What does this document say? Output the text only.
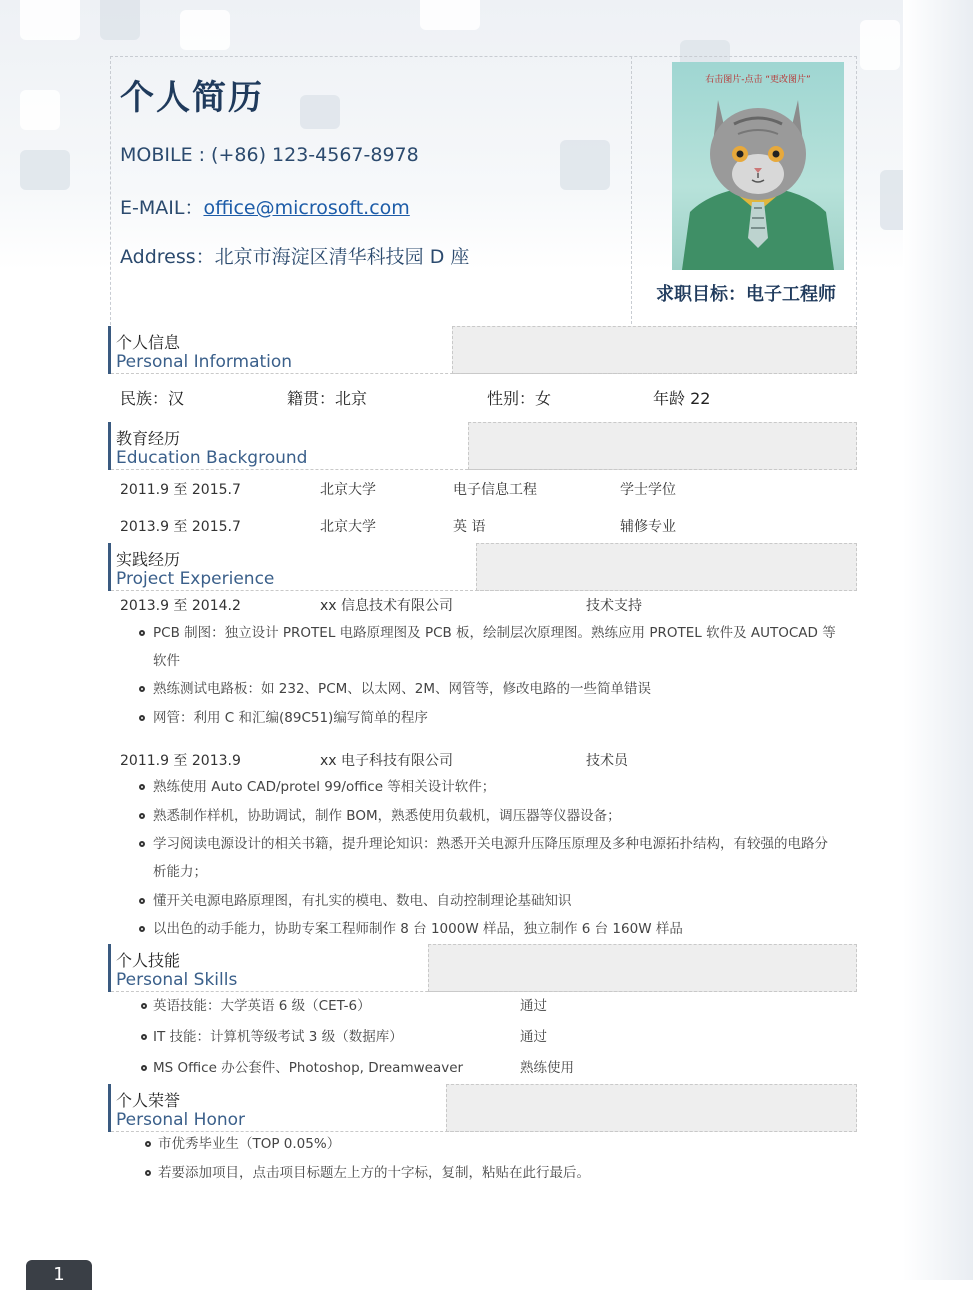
个人简历
MOBILE : (+86) 123-4567-8978
E-MAIL：office@microsoft.com
Address：北京市海淀区清华科技园 D 座
右击图片-点击 “更改图片”
求职目标：电子工程师
个人信息
Personal Information
民族：汉	籍贯：北京	性别：女	年龄 22
教育经历
Education Background
2011.9 至 2015.7	北京大学	电子信息工程	学士学位
2013.9 至 2015.7	北京大学	英 语	辅修专业
实践经历
Project Experience
2013.9 至 2014.2	xx 信息技术有限公司	技术支持
PCB 制图：独立设计 PROTEL 电路原理图及 PCB 板，绘制层次原理图。熟练应用 PROTEL 软件及 AUTOCAD 等
软件
熟练测试电路板：如 232、PCM、以太网、2M、网管等，修改电路的一些简单错误
网管：利用 C 和汇编(89C51)编写简单的程序
2011.9 至 2013.9	xx 电子科技有限公司	技术员
熟练使用 Auto CAD/protel 99/office 等相关设计软件；
熟悉制作样机，协助调试，制作 BOM，熟悉使用负载机，调压器等仪器设备；
学习阅读电源设计的相关书籍，提升理论知识：熟悉开关电源升压降压原理及多种电源拓扑结构，有较强的电路分
析能力；
懂开关电源电路原理图，有扎实的模电、数电、自动控制理论基础知识
以出色的动手能力，协助专案工程师制作 8 台 1000W 样品，独立制作 6 台 160W 样品
个人技能
Personal Skills
英语技能：大学英语 6 级（CET-6）	通过
IT 技能：计算机等级考试 3 级（数据库）	通过
MS Office 办公套件、Photoshop, Dreamweaver	熟练使用
个人荣誉
Personal Honor
市优秀毕业生（TOP 0.05%）
若要添加项目，点击项目标题左上方的十字标，复制，粘贴在此行最后。
1
